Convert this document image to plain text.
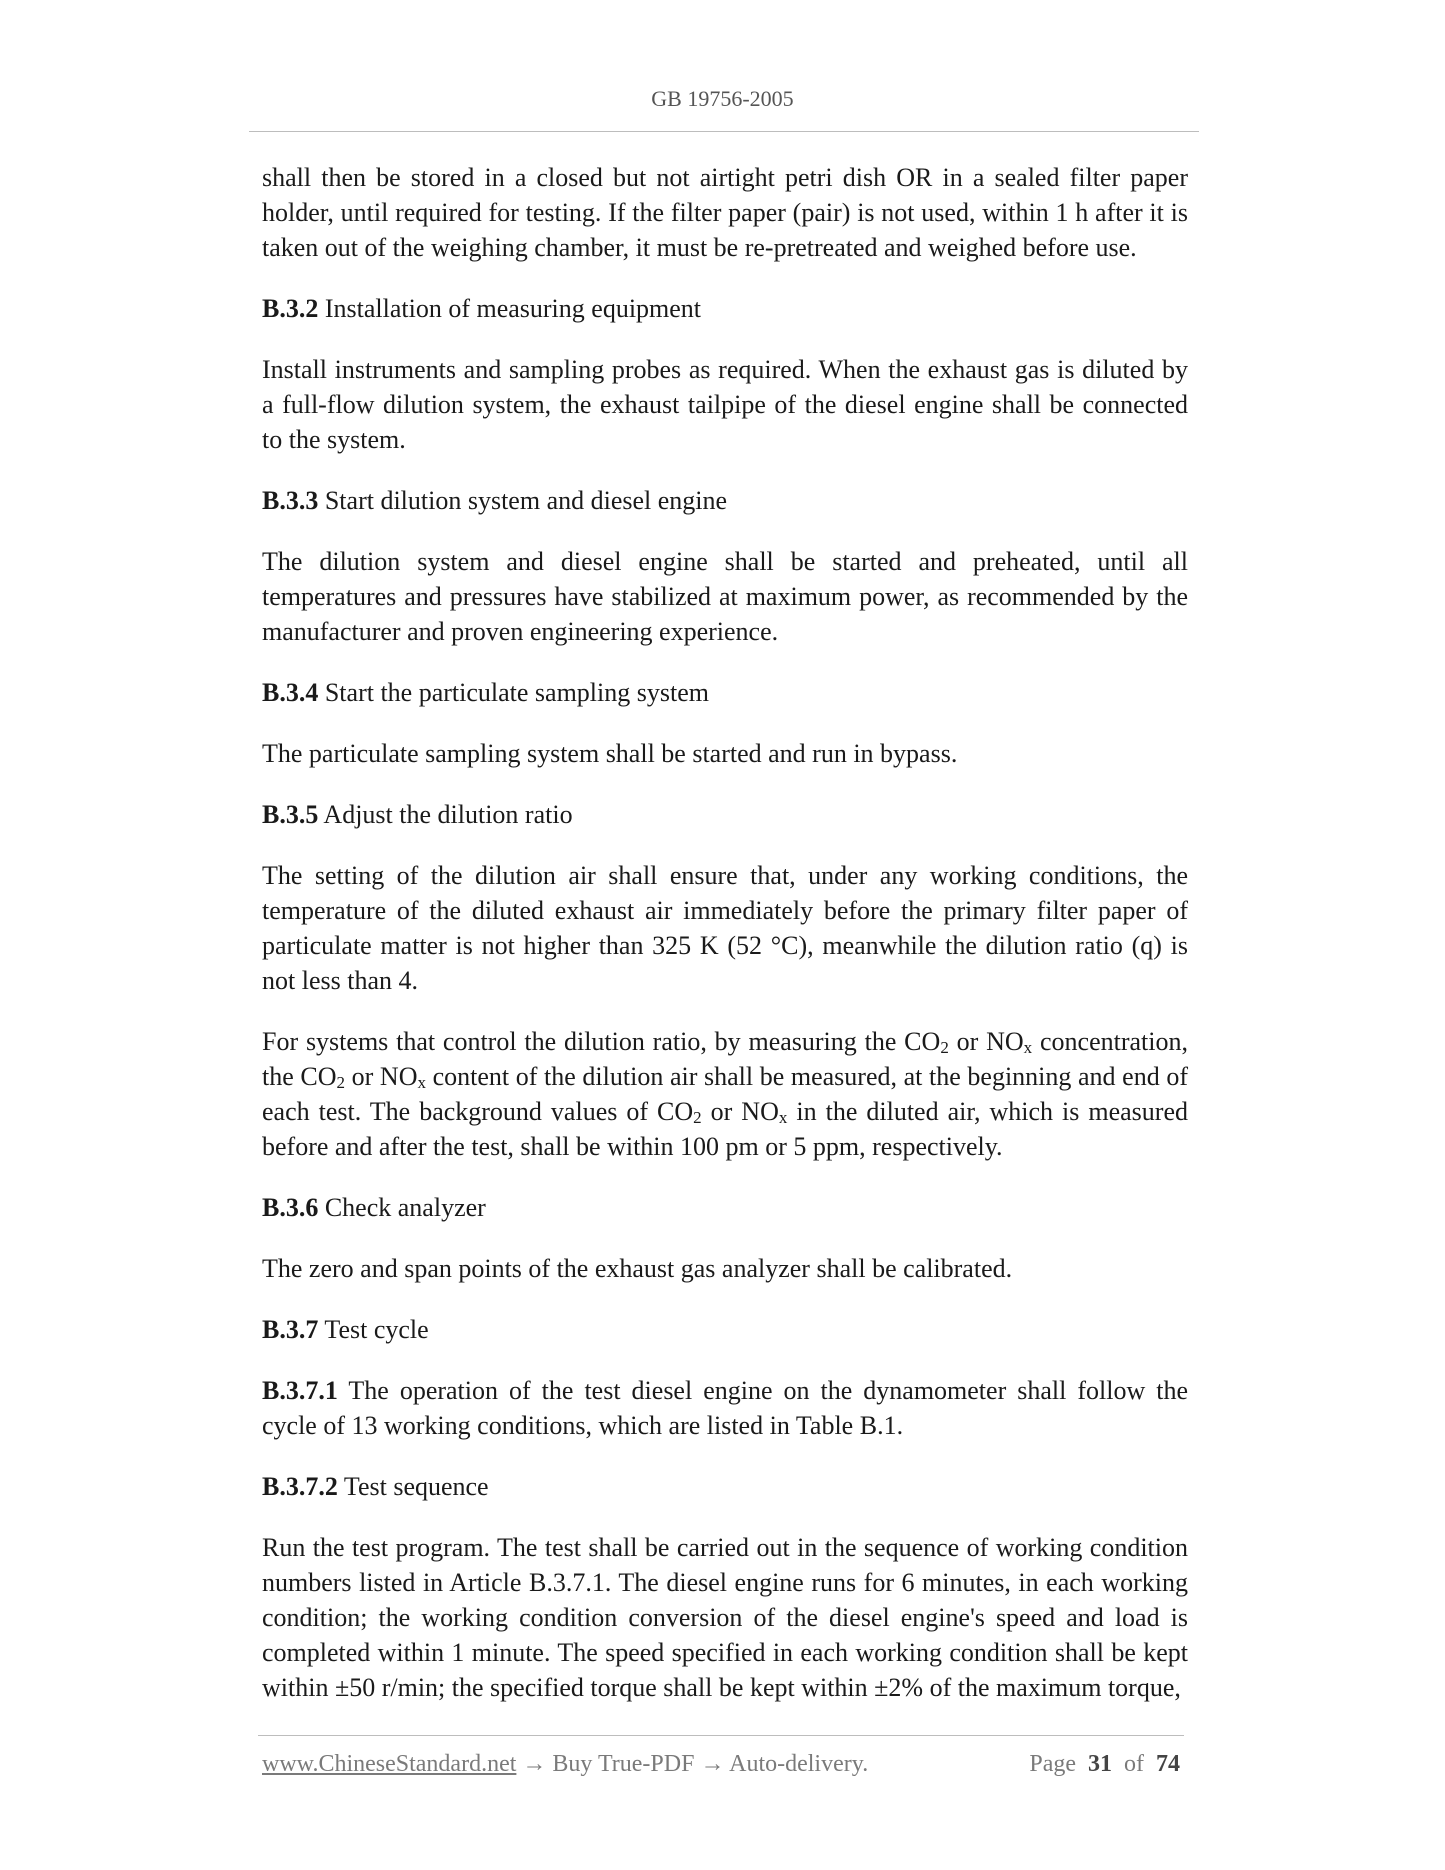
GB 19756-2005

shall then be stored in a closed but not airtight petri dish OR in a sealed filter paper holder, until required for testing. If the filter paper (pair) is not used, within 1 h after it is taken out of the weighing chamber, it must be re-pretreated and weighed before use.

B.3.2 Installation of measuring equipment

Install instruments and sampling probes as required. When the exhaust gas is diluted by a full-flow dilution system, the exhaust tailpipe of the diesel engine shall be connected to the system.

B.3.3 Start dilution system and diesel engine

The dilution system and diesel engine shall be started and preheated, until all temperatures and pressures have stabilized at maximum power, as recommended by the manufacturer and proven engineering experience.

B.3.4 Start the particulate sampling system

The particulate sampling system shall be started and run in bypass.

B.3.5 Adjust the dilution ratio

The setting of the dilution air shall ensure that, under any working conditions, the temperature of the diluted exhaust air immediately before the primary filter paper of particulate matter is not higher than 325 K (52 °C), meanwhile the dilution ratio (q) is not less than 4.

For systems that control the dilution ratio, by measuring the $CO_2$ or $NO_x$ concentration, the $CO_2$ or $NO_x$ content of the dilution air shall be measured, at the beginning and end of each test. The background values of $CO_2$ or $NO_x$ in the diluted air, which is measured before and after the test, shall be within 100 pm or 5 ppm, respectively.

B.3.6 Check analyzer

The zero and span points of the exhaust gas analyzer shall be calibrated.

B.3.7 Test cycle

B.3.7.1 The operation of the test diesel engine on the dynamometer shall follow the cycle of 13 working conditions, which are listed in Table B.1.

B.3.7.2 Test sequence

Run the test program. The test shall be carried out in the sequence of working condition numbers listed in Article B.3.7.1. The diesel engine runs for 6 minutes, in each working condition; the working condition conversion of the diesel engine's speed and load is completed within 1 minute. The speed specified in each working condition shall be kept within ±50 r/min; the specified torque shall be kept within ±2% of the maximum torque,

www.ChineseStandard.net → Buy True-PDF → Auto-delivery.	Page 31 of 74
